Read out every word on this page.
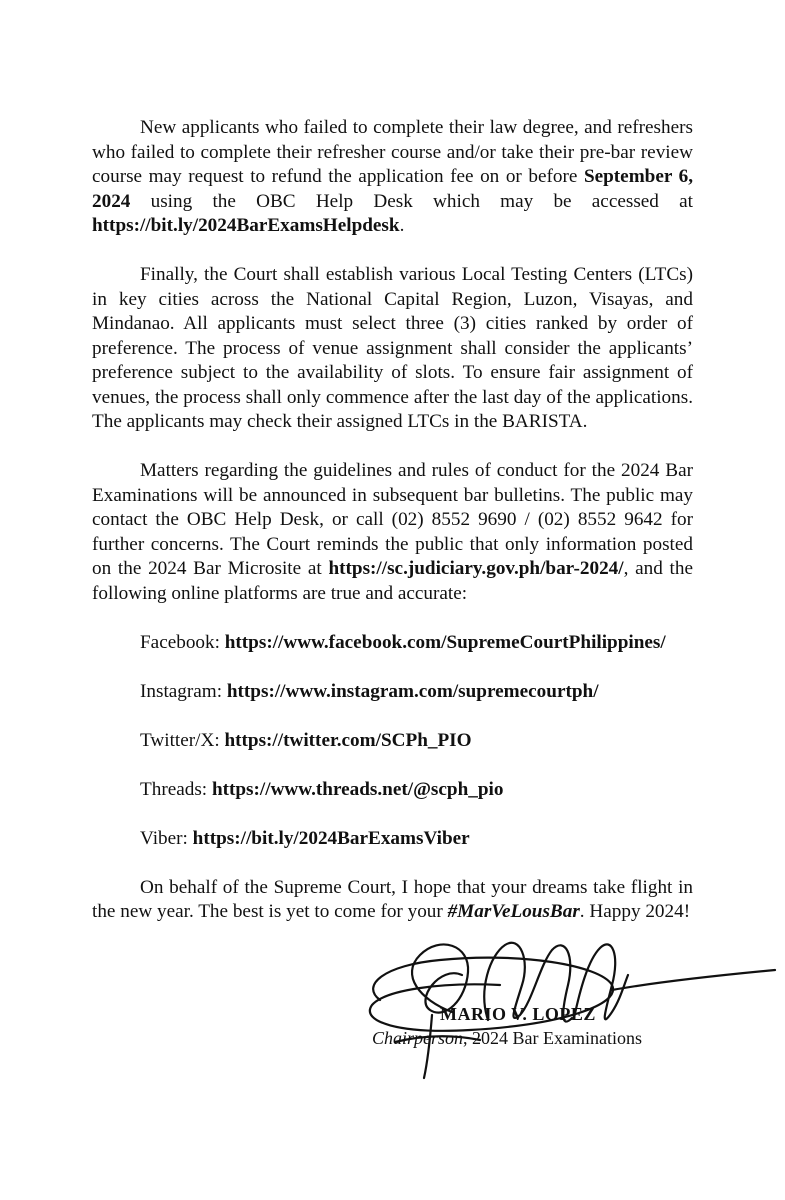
New applicants who failed to complete their law degree, and refreshers who failed to complete their refresher course and/or take their pre-bar review course may request to refund the application fee on or before September 6, 2024 using the OBC Help Desk which may be accessed at https://bit.ly/2024BarExamsHelpdesk.

Finally, the Court shall establish various Local Testing Centers (LTCs) in key cities across the National Capital Region, Luzon, Visayas, and Mindanao. All applicants must select three (3) cities ranked by order of preference. The process of venue assignment shall consider the applicants’ preference subject to the availability of slots. To ensure fair assignment of venues, the process shall only commence after the last day of the applications. The applicants may check their assigned LTCs in the BARISTA.

Matters regarding the guidelines and rules of conduct for the 2024 Bar Examinations will be announced in subsequent bar bulletins. The public may contact the OBC Help Desk, or call (02) 8552 9690 / (02) 8552 9642 for further concerns. The Court reminds the public that only information posted on the 2024 Bar Microsite at https://sc.judiciary.gov.ph/bar-2024/, and the following online platforms are true and accurate:

Facebook: https://www.facebook.com/SupremeCourtPhilippines/
Instagram: https://www.instagram.com/supremecourtph/
Twitter/X: https://twitter.com/SCPh_PIO
Threads: https://www.threads.net/@scph_pio
Viber: https://bit.ly/2024BarExamsViber

On behalf of the Supreme Court, I hope that your dreams take flight in the new year. The best is yet to come for your #MarVeLousBar. Happy 2024!

MARIO V. LOPEZ
Chairperson, 2024 Bar Examinations
